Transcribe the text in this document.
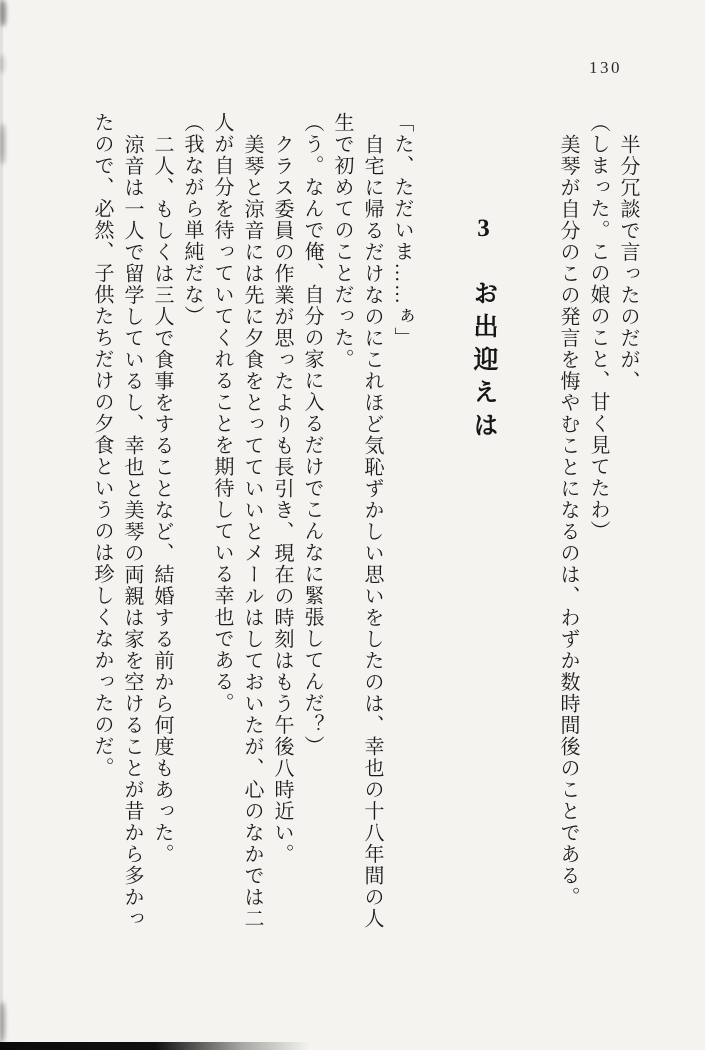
130

半分冗談で言ったのだが、

（しまった。この娘のこと、甘く見てたわ）

美琴が自分のこの発言を悔やむことになるのは、わずか数時間後のことである。

3 お出迎えは

「た、ただいま……ぁ」

自宅に帰るだけなのにこれほど気恥ずかしい思いをしたのは、幸也の十八年間の人生で初めてのことだった。

（う。なんで俺、自分の家に入るだけでこんなに緊張してんだ？）

クラス委員の作業が思ったよりも長引き、現在の時刻はもう午後八時近い。

美琴と涼音には先に夕食をとってていいとメールはしておいたが、心のなかでは二人が自分を待っていてくれることを期待している幸也である。

（我ながら単純だな）

二人、もしくは三人で食事をすることなど、結婚する前から何度もあった。

涼音は一人で留学しているし、幸也と美琴の両親は家を空けることが昔から多かったので、必然、子供たちだけの夕食というのは珍しくなかったのだ。
